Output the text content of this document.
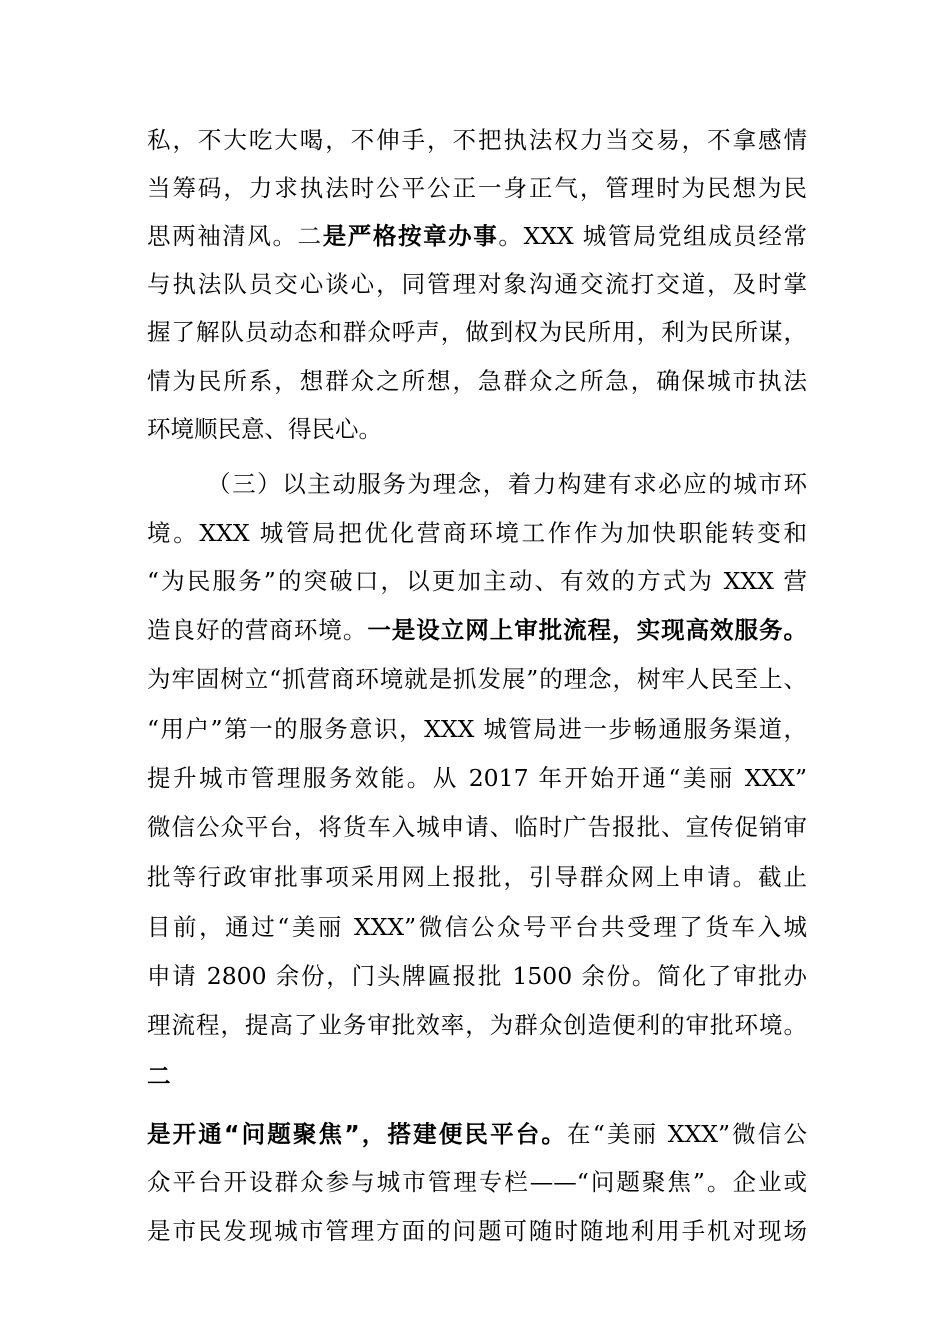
私，不大吃大喝，不伸手，不把执法权力当交易，不拿感情
当筹码，力求执法时公平公正一身正气，管理时为民想为民
思两袖清风。二是严格按章办事。XXX 城管局党组成员经常
与执法队员交心谈心，同管理对象沟通交流打交道，及时掌
握了解队员动态和群众呼声，做到权为民所用，利为民所谋，
情为民所系，想群众之所想，急群众之所急，确保城市执法
环境顺民意、得民心。
（三）以主动服务为理念，着力构建有求必应的城市环
境。XXX 城管局把优化营商环境工作作为加快职能转变和
“为民服务”的突破口，以更加主动、有效的方式为 XXX 营
造良好的营商环境。一是设立网上审批流程，实现高效服务。
为牢固树立“抓营商环境就是抓发展”的理念，树牢人民至上、
“用户”第一的服务意识，XXX 城管局进一步畅通服务渠道，
提升城市管理服务效能。从 2017 年开始开通“美丽 XXX”
微信公众平台，将货车入城申请、临时广告报批、宣传促销审
批等行政审批事项采用网上报批，引导群众网上申请。截止
目前，通过“美丽 XXX”微信公众号平台共受理了货车入城
申请 2800 余份，门头牌匾报批 1500 余份。简化了审批办
理流程，提高了业务审批效率，为群众创造便利的审批环境。
二
是开通“问题聚焦”，搭建便民平台。在“美丽 XXX”微信公
众平台开设群众参与城市管理专栏——“问题聚焦”。企业或
是市民发现城市管理方面的问题可随时随地利用手机对现场
